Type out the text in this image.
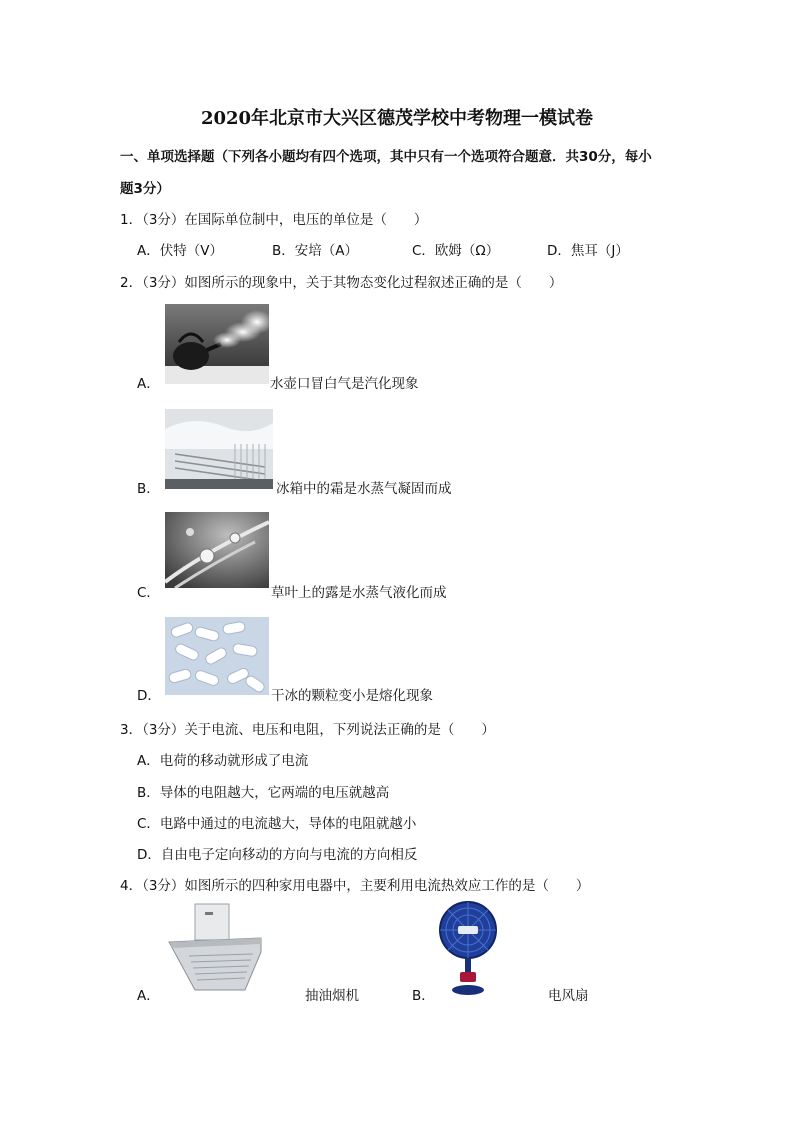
2020年北京市大兴区德茂学校中考物理一模试卷
一、单项选择题（下列各小题均有四个选项，其中只有一个选项符合题意．共30分，每小
题3分）
1．（3分）在国际单位制中，电压的单位是（　　）
A．伏特（V）	B．安培（A）	C．欧姆（Ω）	D．焦耳（J）
2．（3分）如图所示的现象中，关于其物态变化过程叙述正确的是（　　）
A．	水壶口冒白气是汽化现象
B．	冰箱中的霜是水蒸气凝固而成
C．	草叶上的露是水蒸气液化而成
D．	干冰的颗粒变小是熔化现象
3．（3分）关于电流、电压和电阻，下列说法正确的是（　　）
A．电荷的移动就形成了电流
B．导体的电阻越大，它两端的电压就越高
C．电路中通过的电流越大，导体的电阻就越小
D．自由电子定向移动的方向与电流的方向相反
4．（3分）如图所示的四种家用电器中，主要利用电流热效应工作的是（　　）
A．	抽油烟机	B．	电风扇
